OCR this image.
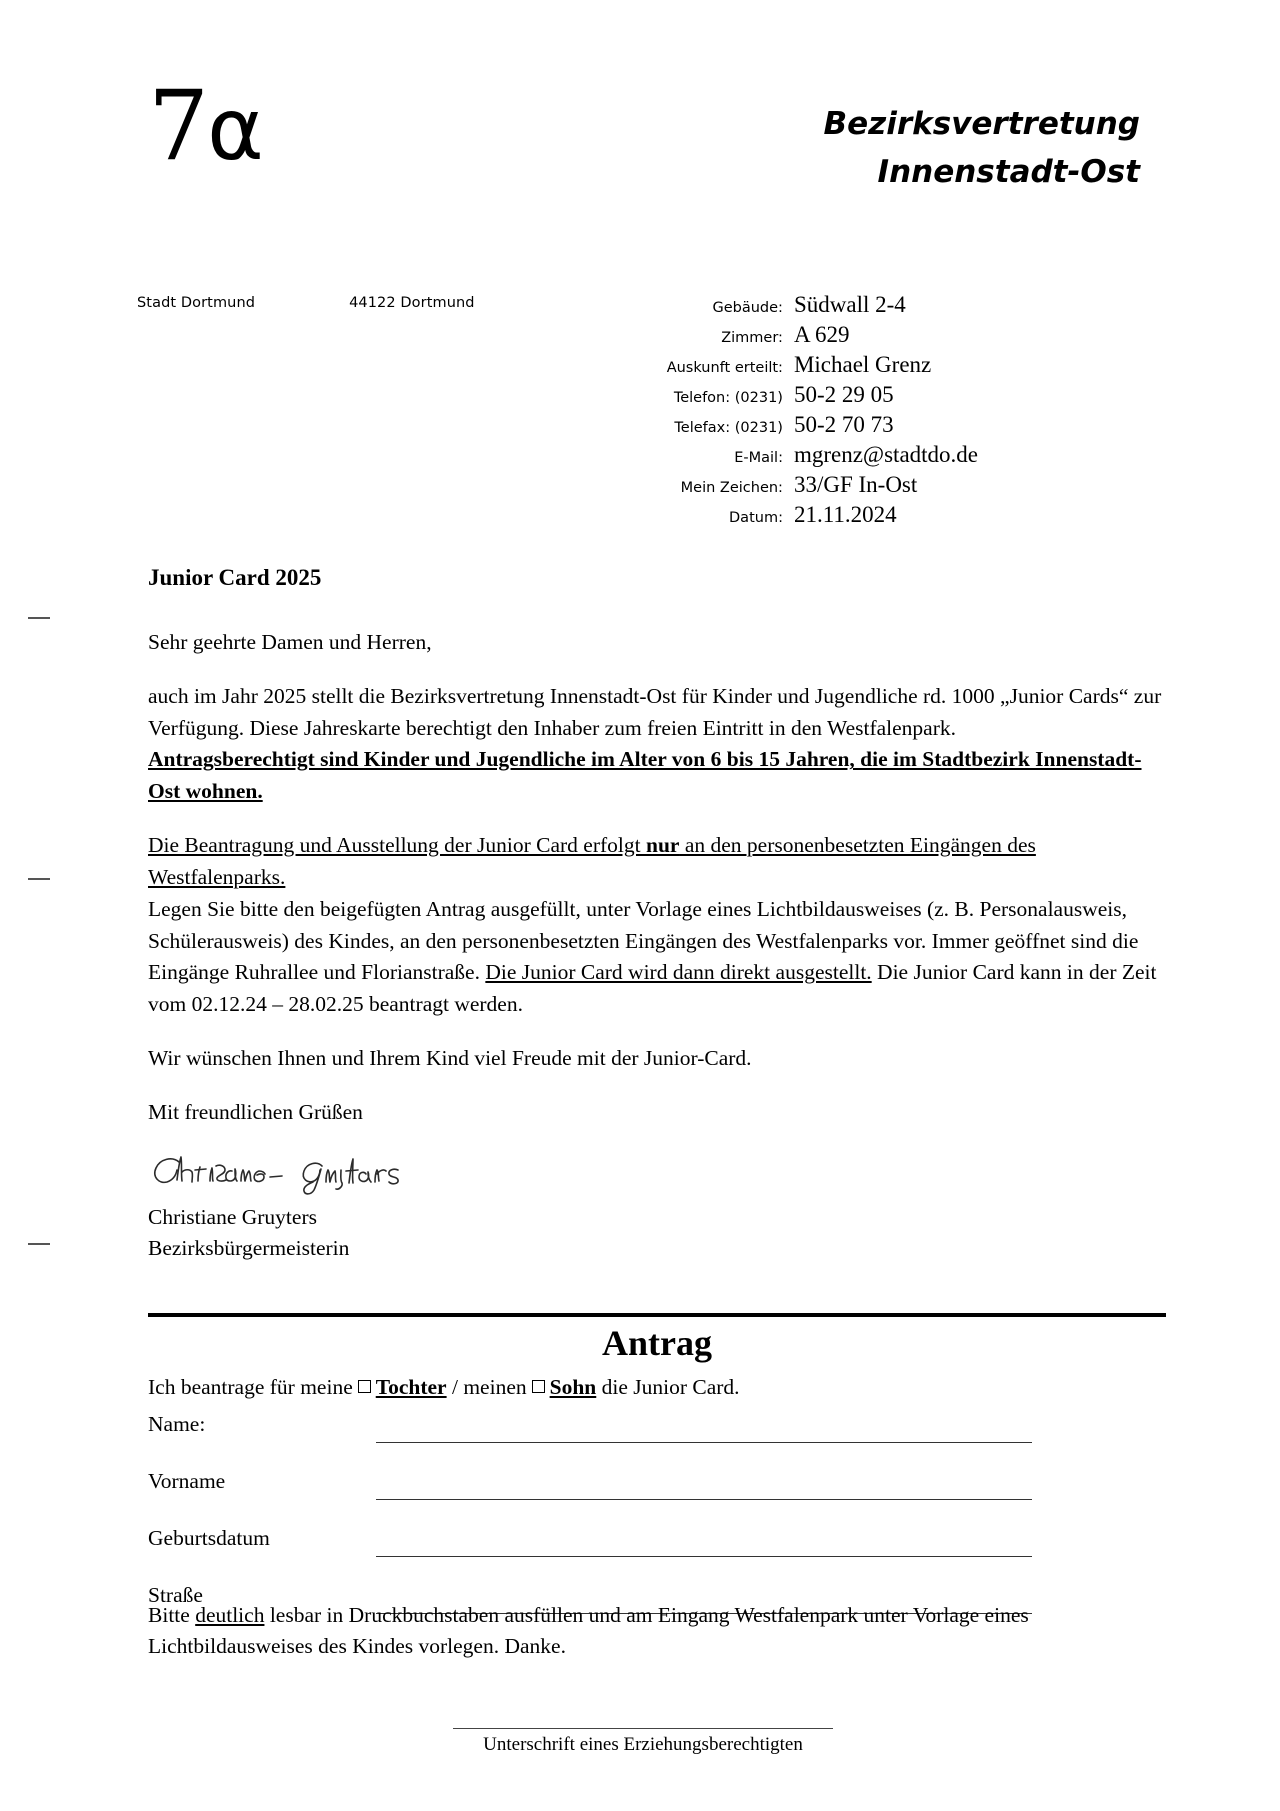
7α	Bezirksvertretung
Innenstadt-Ost
Stadt Dortmund	44122 Dortmund	Gebäude:	Südwall 2-4
Zimmer:	A 629
Auskunft erteilt:	Michael Grenz
Telefon: (0231)	50-2 29 05
Telefax: (0231)	50-2 70 73
E-Mail:	mgrenz@stadtdo.de
Mein Zeichen:	33/GF In-Ost
Datum:	21.11.2024
Junior Card 2025

Sehr geehrte Damen und Herren,

auch im Jahr 2025 stellt die Bezirksvertretung Innenstadt-Ost für Kinder und Jugendliche rd. 1000 „Junior Cards“ zur Verfügung. Diese Jahreskarte berechtigt den Inhaber zum freien Eintritt in den Westfalenpark.

Antragsberechtigt sind Kinder und Jugendliche im Alter von 6 bis 15 Jahren, die im Stadtbezirk Innenstadt-Ost wohnen.

Die Beantragung und Ausstellung der Junior Card erfolgt nur an den personenbesetzten Eingängen des Westfalenparks.

Legen Sie bitte den beigefügten Antrag ausgefüllt, unter Vorlage eines Lichtbildausweises (z. B. Personalausweis, Schülerausweis) des Kindes, an den personenbesetzten Eingängen des Westfalenparks vor. Immer geöffnet sind die Eingänge Ruhrallee und Florianstraße. Die Junior Card wird dann direkt ausgestellt. Die Junior Card kann in der Zeit vom 02.12.24 – 28.02.25 beantragt werden.

Wir wünschen Ihnen und Ihrem Kind viel Freude mit der Junior-Card.

Mit freundlichen Grüßen

Christiane Gruyters
Bezirksbürgermeisterin
Antrag
Ich beantrage für meine Tochter / meinen Sohn die Junior Card.
Name:
Vorname
Geburtsdatum
Straße
Bitte deutlich lesbar in Druckbuchstaben ausfüllen und am Eingang Westfalenpark unter Vorlage eines Lichtbildausweises des Kindes vorlegen. Danke.
Unterschrift eines Erziehungsberechtigten
